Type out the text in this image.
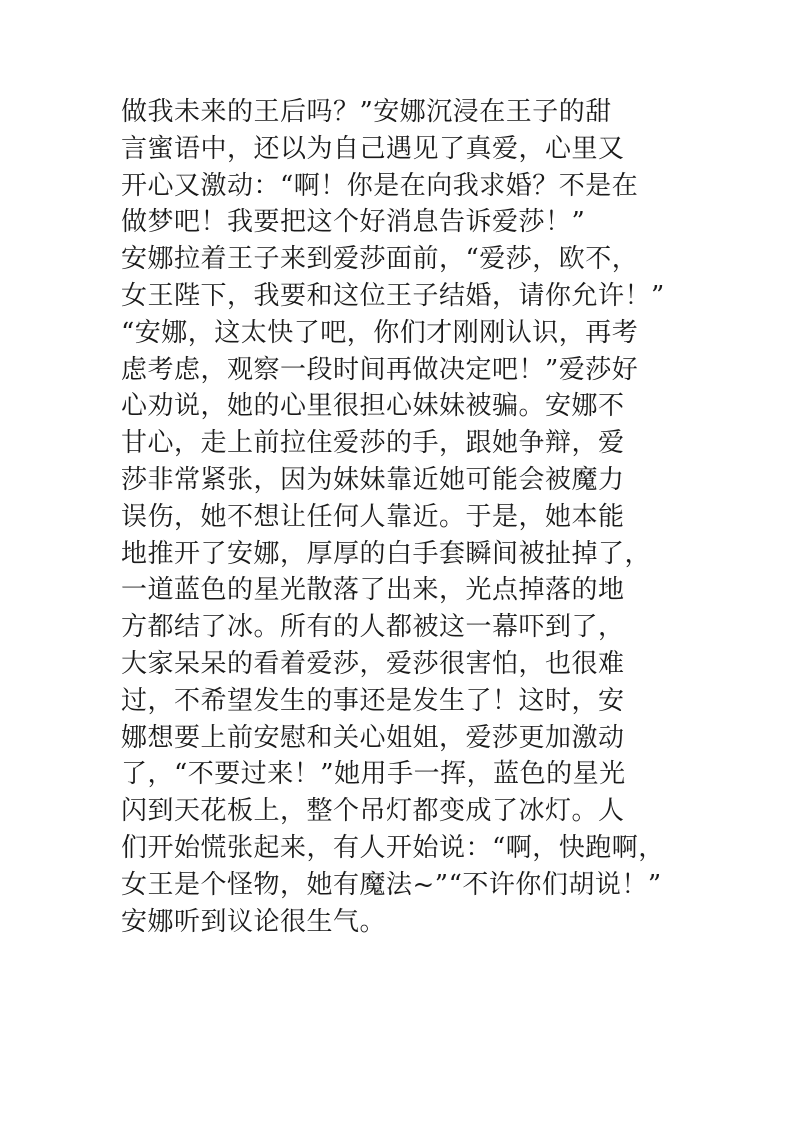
做我未来的王后吗？”安娜沉浸在王子的甜
言蜜语中，还以为自己遇见了真爱，心里又
开心又激动：“啊！你是在向我求婚？不是在
做梦吧！我要把这个好消息告诉爱莎！”
安娜拉着王子来到爱莎面前，“爱莎，欧不，
女王陛下，我要和这位王子结婚，请你允许！”
“安娜，这太快了吧，你们才刚刚认识，再考
虑考虑，观察一段时间再做决定吧！”爱莎好
心劝说，她的心里很担心妹妹被骗。安娜不
甘心，走上前拉住爱莎的手，跟她争辩，爱
莎非常紧张，因为妹妹靠近她可能会被魔力
误伤，她不想让任何人靠近。于是，她本能
地推开了安娜，厚厚的白手套瞬间被扯掉了，
一道蓝色的星光散落了出来，光点掉落的地
方都结了冰。所有的人都被这一幕吓到了，
大家呆呆的看着爱莎，爱莎很害怕，也很难
过，不希望发生的事还是发生了！这时，安
娜想要上前安慰和关心姐姐，爱莎更加激动
了，“不要过来！”她用手一挥，蓝色的星光
闪到天花板上，整个吊灯都变成了冰灯。人
们开始慌张起来，有人开始说：“啊，快跑啊，
女王是个怪物，她有魔法~”“不许你们胡说！”
安娜听到议论很生气。
